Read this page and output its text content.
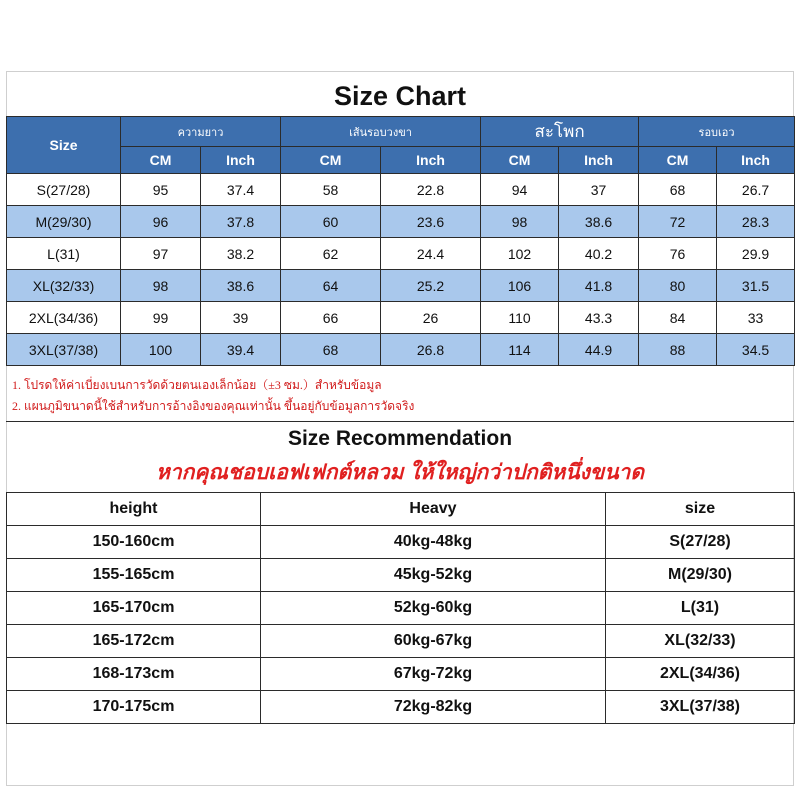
Size Chart
Size	ความยาว		เส้นรอบวงขา		สะโพก		รอบเอว	
	CM	Inch	CM	Inch	CM	Inch	CM	Inch
S(27/28)	95	37.4	58	22.8	94	37	68	26.7
M(29/30)	96	37.8	60	23.6	98	38.6	72	28.3
L(31)	97	38.2	62	24.4	102	40.2	76	29.9
XL(32/33)	98	38.6	64	25.2	106	41.8	80	31.5
2XL(34/36)	99	39	66	26	110	43.3	84	33
3XL(37/38)	100	39.4	68	26.8	114	44.9	88	34.5
1. โปรดให้ค่าเบี่ยงเบนการวัดด้วยตนเองเล็กน้อย（±3 ซม.）สำหรับข้อมูล
2. แผนภูมิขนาดนี้ใช้สำหรับการอ้างอิงของคุณเท่านั้น ขึ้นอยู่กับข้อมูลการวัดจริง
Size Recommendation
หากคุณชอบเอฟเฟกต์หลวม ให้ใหญ่กว่าปกติหนึ่งขนาด
height	Heavy	size
150-160cm	40kg-48kg	S(27/28)
155-165cm	45kg-52kg	M(29/30)
165-170cm	52kg-60kg	L(31)
165-172cm	60kg-67kg	XL(32/33)
168-173cm	67kg-72kg	2XL(34/36)
170-175cm	72kg-82kg	3XL(37/38)
